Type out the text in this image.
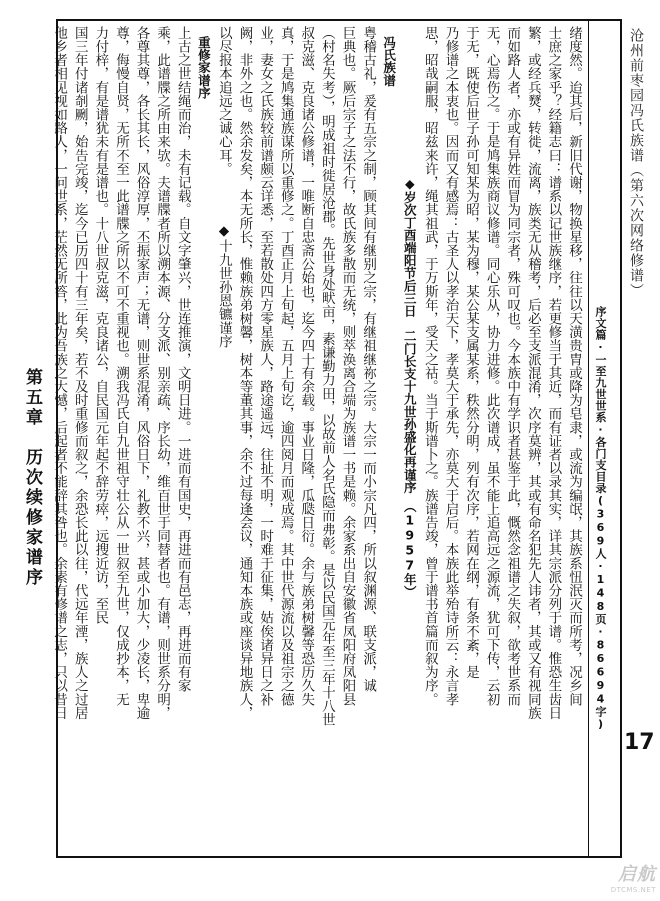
沧州前枣园冯氏族谱（第六次网络修谱）
序文篇·一至九世世系·各门支目录(369人·148页·86694字)
17
第五章　历次续修家谱序	绪度然。迨其后，新旧代谢，物换星移，往往以天潢贵胄或降为皂隶，或流为编氓，其族系忸泯灭而所考，况乡间
士庶之家乎？经籍志曰：谱系以记世族继序，若更修当于其近，而有证者以录其实，详其宗派分列于谱。惟恐生齿日
繁，或经兵燹，转徙，流离，族类无从稽考，后必至支派混淆，次序莫辨，其或有命名犯先人讳者，其或又有视同族
而如路人者，亦或有异姓而冒为同宗者，殊可叹也。今本族中有学识者甚鉴于此，慨然念祖谱之失叙，欲考世系而
无，心焉伤之。于是鸠集族商议修谱。同心乐从，协力进修。此次谱成，虽不能上追高远之源流，犹可下传，云初
于无，既使后世子孙可知某为昭，某为穆，某公某支属某系，秩然分明，列有次序，若网在纲，有条不紊，是
乃修谱之本衷也。因而又有感焉：古圣人以孝治天下，孝莫大于承先，亦莫大于启后。本族此举殆诗所云：永言孝
思，昭哉嗣服，昭兹来许，绳其祖武，于万斯年，受天之祜。当于斯谱卜之。族谱告竣，曾于谱书首篇而叙为序。
◆岁次丁酉端阳节后三日　二门长支十九世孙盛化再谨序　（1957年）
冯氏族谱
粤稽古礼，爰有五宗之制，顾其间有继别之宗，有继祖继祢之宗。大宗一而小宗凡四，所以叙渊源、联支派，诚
巨典也。厥后宗子之法不行，故氏族多散而无统，则萃涣离合端为族谱一书是赖。余家系出自安徽省凤阳府凤阳县
（村名失考），明成祖时徙居沧郡。先世身处畎亩，素谦勤力田，以故前人名氏隐而弗彰。是以民国元年至三年十八世
叔克滋、克良诸公修谱，一唯断自忠斋公始也，迄今四十有余载。事业日隆，瓜瓞日衍。余与族弟树馨等恐历久失
真，于是鸠集通族谋所以重修之。丁酉正月上旬起，五月上旬讫，逾四阅月而观成焉。其中世代源流以及祖宗之德
业，妻女之氏族较前谱颇云详悉，至若散处四方零星族人，路途遥远，往扯不明，一时难于征集，姑俟诸异日之补
阙，非外之也。然余发矣，本无所长，惟赖族弟树馨，树本等董其事，余不过每逢会议，通知本族或座谈异地族人，
以尽报本追远之诚心耳。　　　　◆十九世孙恩镳谨序
重修家谱序
上古之世结绳而治，未有记载。自文字肇兴，世连推演，文明日进。一进而有国史，再进而有邑志，再进而有家
乘，此谱牒之所由来欤。夫谱牒者所以溯本源、分支派、别亲疏、序长幼，维百世于同替者也。有谱，则世系分明，
各尊其尊，各长其长，风俗淳厚，丕振家声；无谱，则世系混淆，风俗日下，礼教不兴，甚或小加大，少凌长，卑逾
尊，侮慢自贤，无所不至一此谱牒之所以不可不重视也。溯我冯氏自九世祖守壮公从一世叙至九世，仅成抄本，无
力付梓，有是谱犹未有是谱也。十八世叔克滋，克良诸公，自民国元年起不辞劳瘁，远搜近访，至民
国三年付诸剞劂，始告完竣，迄今已历四十有三年矣，若不及时重修而叙之，余恐长此以往，代远年湮，族人之过居
他乡者相见视如路人，一问世系，茫然无所答，此为吾族之大憾，后起者不能辞其咎也。余素有修谱之志，只以昔日
启航
DTCMS.NET
